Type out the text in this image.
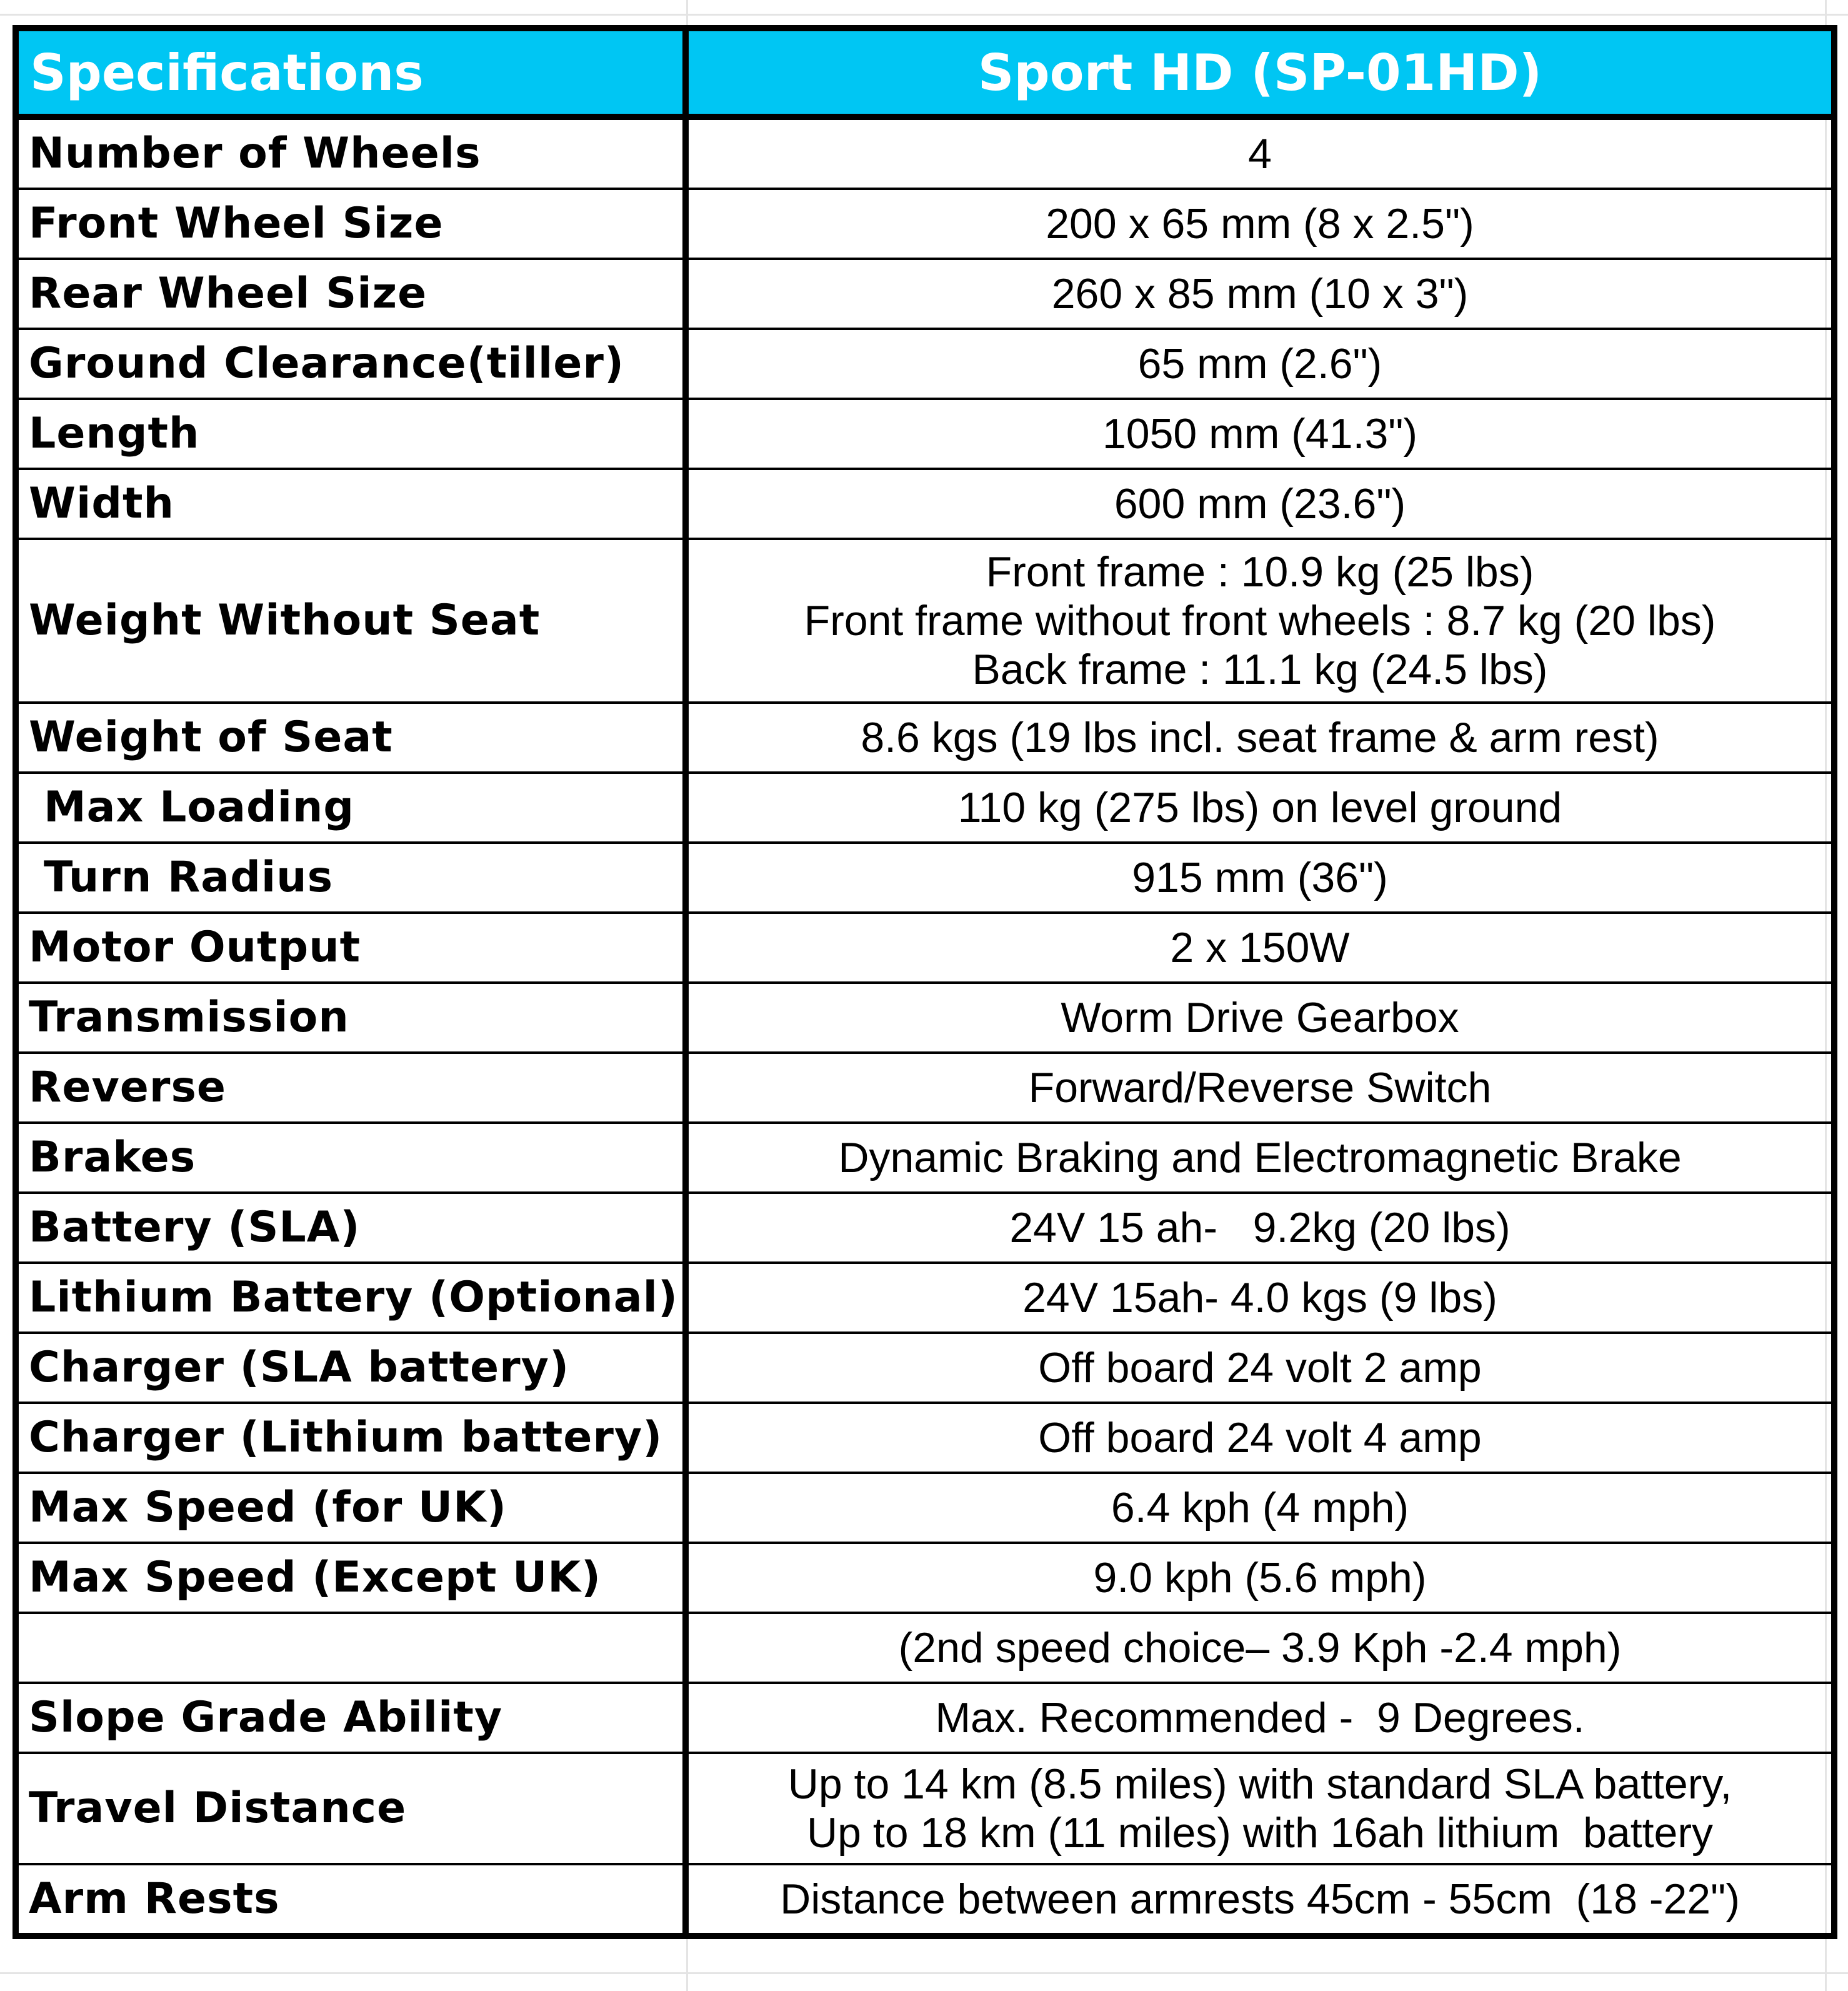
Specifications	Sport HD (SP-01HD)
Number of Wheels	4
Front Wheel Size	200 x 65 mm (8 x 2.5")
Rear Wheel Size	260 x 85 mm (10 x 3")
Ground Clearance(tiller)	65 mm (2.6")
Length	1050 mm (41.3")
Width	600 mm (23.6")
Weight Without Seat	Front frame : 10.9 kg (25 lbs)
Front frame without front wheels : 8.7 kg (20 lbs)
Back frame : 11.1 kg (24.5 lbs)

Weight of Seat	8.6 kgs (19 lbs incl. seat frame & arm rest)
Max Loading	110 kg (275 lbs) on level ground
Turn Radius	915 mm (36")
Motor Output	2 x 150W
Transmission	Worm Drive Gearbox
Reverse	Forward/Reverse Switch
Brakes	Dynamic Braking and Electromagnetic Brake
Battery (SLA)	24V 15 ah-   9.2kg (20 lbs)
Lithium Battery (Optional)	24V 15ah- 4.0 kgs (9 lbs)
Charger (SLA battery)	Off board 24 volt 2 amp
Charger (Lithium battery)	Off board 24 volt 4 amp
Max Speed (for UK)	6.4 kph (4 mph)
Max Speed (Except UK)	9.0 kph (5.6 mph)
	(2nd speed choice– 3.9 Kph -2.4 mph)
Slope Grade Ability	Max. Recommended -  9 Degrees.
Travel Distance	Up to 14 km (8.5 miles) with standard SLA battery,
Up to 18 km (11 miles) with 16ah lithium  battery

Arm Rests	Distance between armrests 45cm - 55cm  (18 -22")
